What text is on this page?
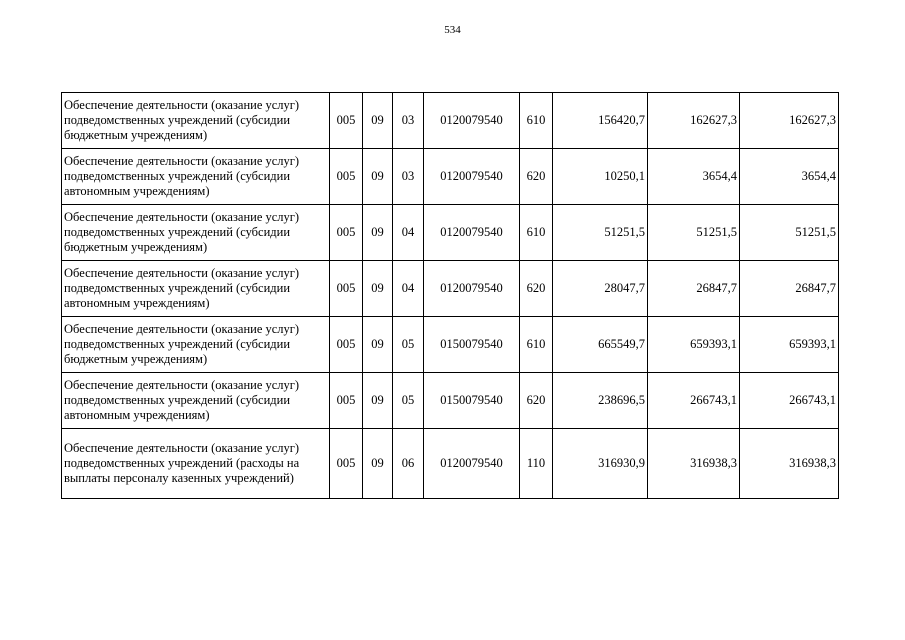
534
Обеспечение деятельности (оказание услуг) подведомственных учреждений (субсидии бюджетным учреждениям)	005	09	03	0120079540	610	156420,7	162627,3	162627,3
Обеспечение деятельности (оказание услуг) подведомственных учреждений (субсидии автономным учреждениям)	005	09	03	0120079540	620	10250,1	3654,4	3654,4
Обеспечение деятельности (оказание услуг) подведомственных учреждений (субсидии бюджетным учреждениям)	005	09	04	0120079540	610	51251,5	51251,5	51251,5
Обеспечение деятельности (оказание услуг) подведомственных учреждений (субсидии автономным учреждениям)	005	09	04	0120079540	620	28047,7	26847,7	26847,7
Обеспечение деятельности (оказание услуг) подведомственных учреждений (субсидии бюджетным учреждениям)	005	09	05	0150079540	610	665549,7	659393,1	659393,1
Обеспечение деятельности (оказание услуг) подведомственных учреждений (субсидии автономным учреждениям)	005	09	05	0150079540	620	238696,5	266743,1	266743,1
Обеспечение деятельности (оказание услуг) подведомственных учреждений (расходы на выплаты персоналу казенных учреждений)	005	09	06	0120079540	110	316930,9	316938,3	316938,3
